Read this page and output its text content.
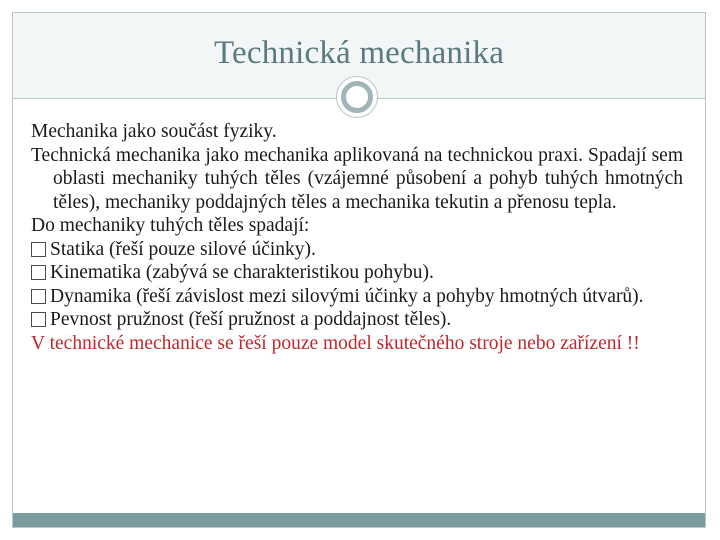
Technická mechanika

Mechanika jako součást fyziky.

Technická mechanika jako mechanika aplikovaná na technickou praxi. Spadají sem oblasti mechaniky tuhých těles (vzájemné působení a pohyb tuhých hmotných těles), mechaniky poddajných těles a mechanika tekutin a přenosu tepla.

Do mechaniky tuhých těles spadají:

Statika (řeší pouze silové účinky).

Kinematika (zabývá se charakteristikou pohybu).

Dynamika (řeší závislost mezi silovými účinky a pohyby hmotných útvarů).

Pevnost pružnost (řeší pružnost a poddajnost těles).

V technické mechanice se řeší pouze model skutečného stroje nebo zařízení !!
